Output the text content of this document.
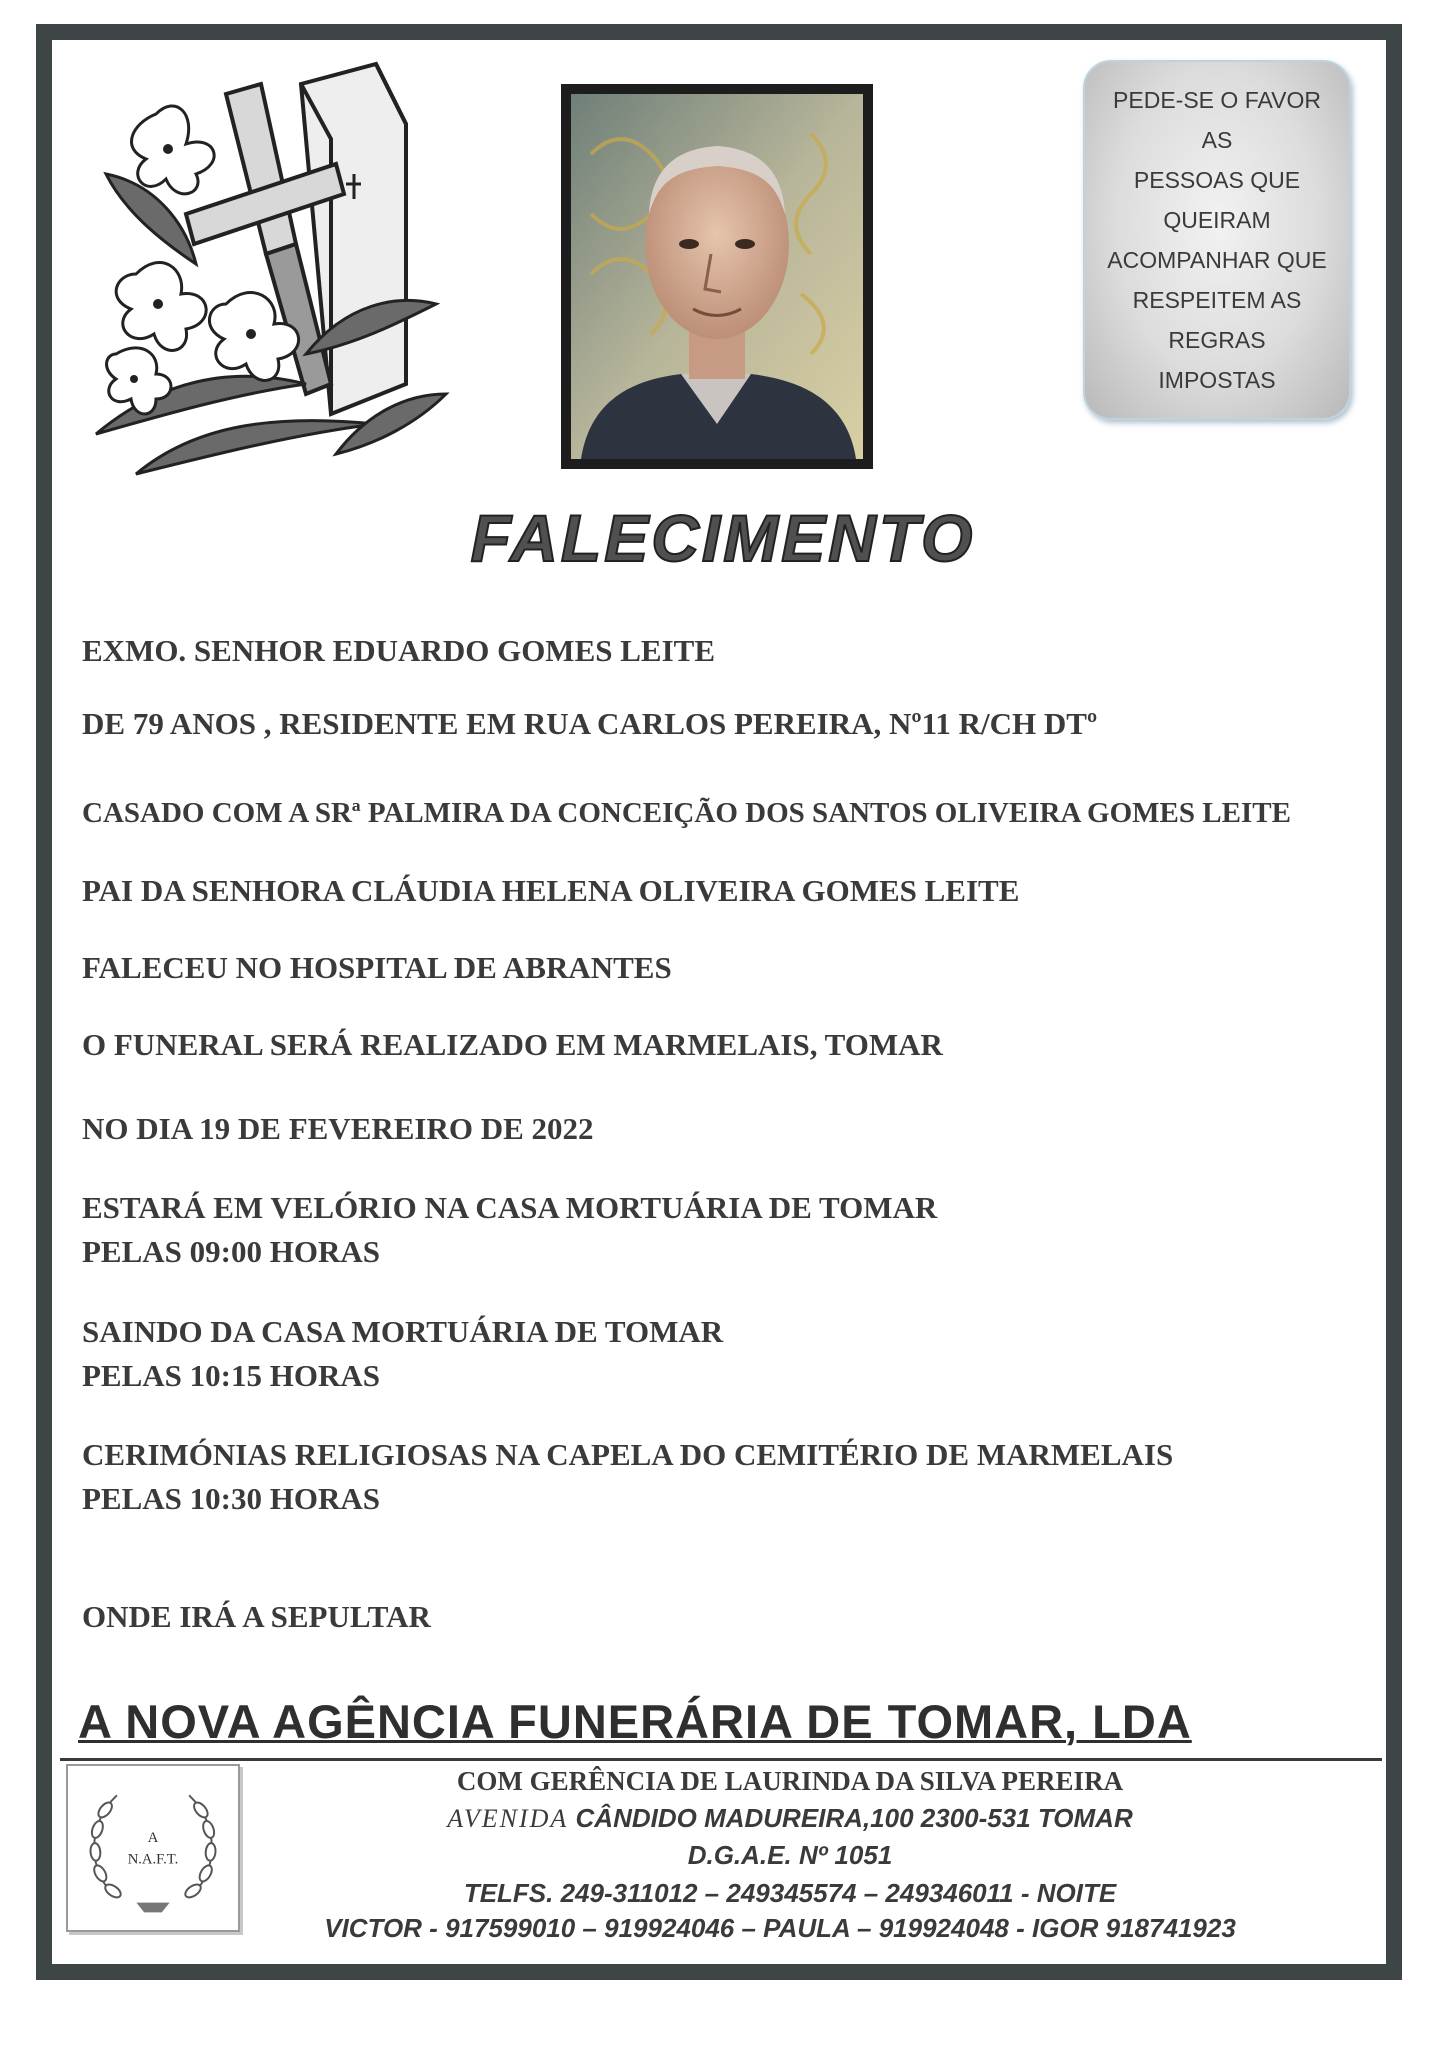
PEDE-SE O FAVOR AS
PESSOAS QUE
QUEIRAM
ACOMPANHAR QUE
RESPEITEM AS
REGRAS IMPOSTAS

FALECIMENTO

EXMO. SENHOR EDUARDO GOMES LEITE

DE 79 ANOS , RESIDENTE EM RUA CARLOS PEREIRA, Nº11 R/CH DTº

CASADO COM A SRª PALMIRA DA CONCEIÇÃO DOS SANTOS OLIVEIRA GOMES LEITE

PAI DA SENHORA CLÁUDIA HELENA OLIVEIRA GOMES LEITE

FALECEU NO HOSPITAL DE ABRANTES

O FUNERAL SERÁ REALIZADO EM MARMELAIS, TOMAR

NO DIA 19 DE FEVEREIRO DE 2022

ESTARÁ EM VELÓRIO NA CASA MORTUÁRIA DE TOMAR

PELAS 09:00 HORAS

SAINDO DA CASA MORTUÁRIA DE TOMAR

PELAS 10:15 HORAS

CERIMÓNIAS RELIGIOSAS NA CAPELA DO CEMITÉRIO DE MARMELAIS

PELAS 10:30 HORAS

ONDE IRÁ A SEPULTAR

A NOVA AGÊNCIA FUNERÁRIA DE TOMAR, LDA

A
N.A.F.T.

COM GERÊNCIA DE LAURINDA DA SILVA PEREIRA

AVENIDA CÂNDIDO MADUREIRA,100 2300-531 TOMAR

D.G.A.E. Nº 1051

TELFS. 249-311012 – 249345574 – 249346011 - NOITE

VICTOR - 917599010 – 919924046 – PAULA – 919924048 - IGOR 918741923
